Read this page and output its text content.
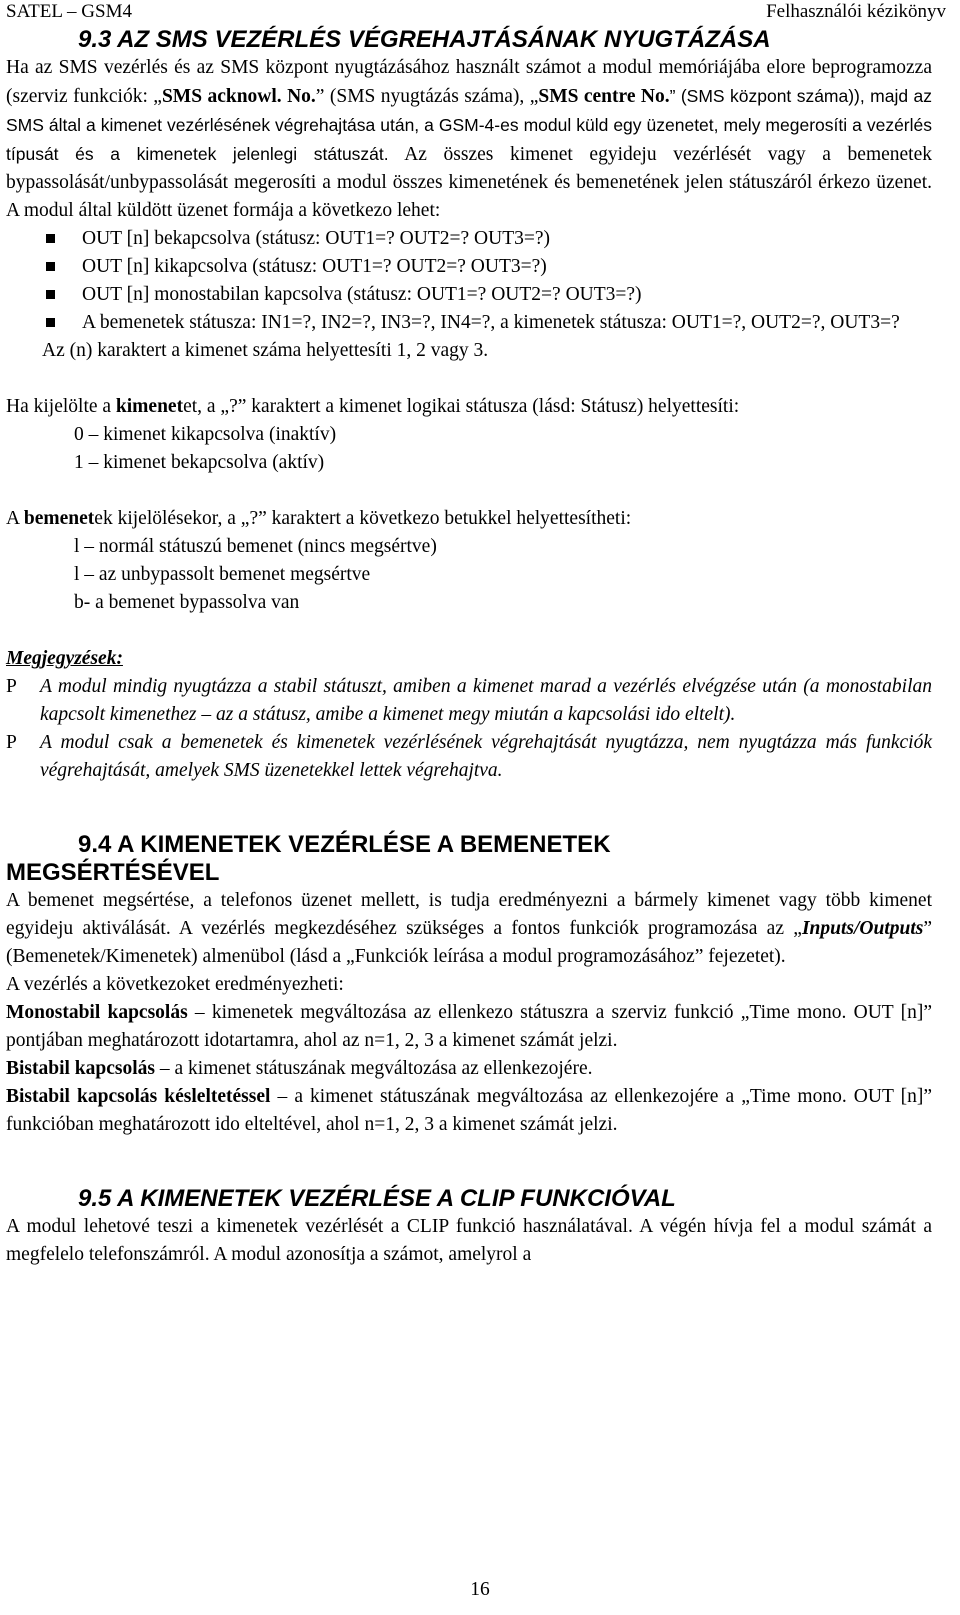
SATEL – GSM4	Felhasználói kézikönyv
9.3 AZ SMS VEZÉRLÉS VÉGREHAJTÁSÁNAK NYUGTÁZÁSA

Ha az SMS vezérlés és az SMS központ nyugtázásához használt számot a modul memóriájába elore beprogramozza (szerviz funkciók: „SMS acknowl. No.” (SMS nyugtázás száma), „SMS centre No.” (SMS központ száma)), majd az SMS által a kimenet vezérlésének végrehajtása után, a GSM-4-es modul küld egy üzenetet, mely megerosíti a vezérlés típusát és a kimenetek jelenlegi státuszát. Az összes kimenet egyideju vezérlését vagy a bemenetek bypassolását/unbypassolását megerosíti a modul összes kimenetének és bemenetének jelen státuszáról érkezo üzenet. A modul által küldött üzenet formája a következo lehet:

OUT [n] bekapcsolva (státusz: OUT1=? OUT2=? OUT3=?)
OUT [n] kikapcsolva (státusz: OUT1=? OUT2=? OUT3=?)
OUT [n] monostabilan kapcsolva (státusz: OUT1=? OUT2=? OUT3=?)
A bemenetek státusza: IN1=?, IN2=?, IN3=?, IN4=?, a kimenetek státusza: OUT1=?, OUT2=?, OUT3=?

Az (n) karaktert a kimenet száma helyettesíti 1, 2 vagy 3.

Ha kijelölte a kimenetet, a „?” karaktert a kimenet logikai státusza (lásd: Státusz) helyettesíti:

0 – kimenet kikapcsolva (inaktív)

1 – kimenet bekapcsolva (aktív)

A bemenetek kijelölésekor, a „?” karaktert a következo betukkel helyettesítheti:

l – normál státuszú bemenet (nincs megsértve)

l – az unbypassolt bemenet megsértve

b- a bemenet bypassolva van

Megjegyzések:
P A modul mindig nyugtázza a stabil státuszt, amiben a kimenet marad a vezérlés elvégzése után (a monostabilan kapcsolt kimenethez – az a státusz, amibe a kimenet megy miután a kapcsolási ido eltelt).
P A modul csak a bemenetek és kimenetek vezérlésének végrehajtását nyugtázza, nem nyugtázza más funkciók végrehajtását, amelyek SMS üzenetekkel lettek végrehajtva.
9.4 A KIMENETEK VEZÉRLÉSE A BEMENETEK
MEGSÉRTÉSÉVEL

A bemenet megsértése, a telefonos üzenet mellett, is tudja eredményezni a bármely kimenet vagy több kimenet egyideju aktiválását. A vezérlés megkezdéséhez szükséges a fontos funkciók programozása az „Inputs/Outputs” (Bemenetek/Kimenetek) almenübol (lásd a „Funkciók leírása a modul programozásához” fejezetet).

A vezérlés a következoket eredményezheti:

Monostabil kapcsolás – kimenetek megváltozása az ellenkezo státuszra a szerviz funkció „Time mono. OUT [n]” pontjában meghatározott idotartamra, ahol az n=1, 2, 3 a kimenet számát jelzi.

Bistabil kapcsolás – a kimenet státuszának megváltozása az ellenkezojére.

Bistabil kapcsolás késleltetéssel – a kimenet státuszának megváltozása az ellenkezojére a „Time mono. OUT [n]” funkcióban meghatározott ido elteltével, ahol n=1, 2, 3 a kimenet számát jelzi.

9.5 A KIMENETEK VEZÉRLÉSE A CLIP FUNKCIÓVAL

A modul lehetové teszi a kimenetek vezérlését a CLIP funkció használatával. A végén hívja fel a modul számát a megfelelo telefonszámról. A modul azonosítja a számot, amelyrol a

16
